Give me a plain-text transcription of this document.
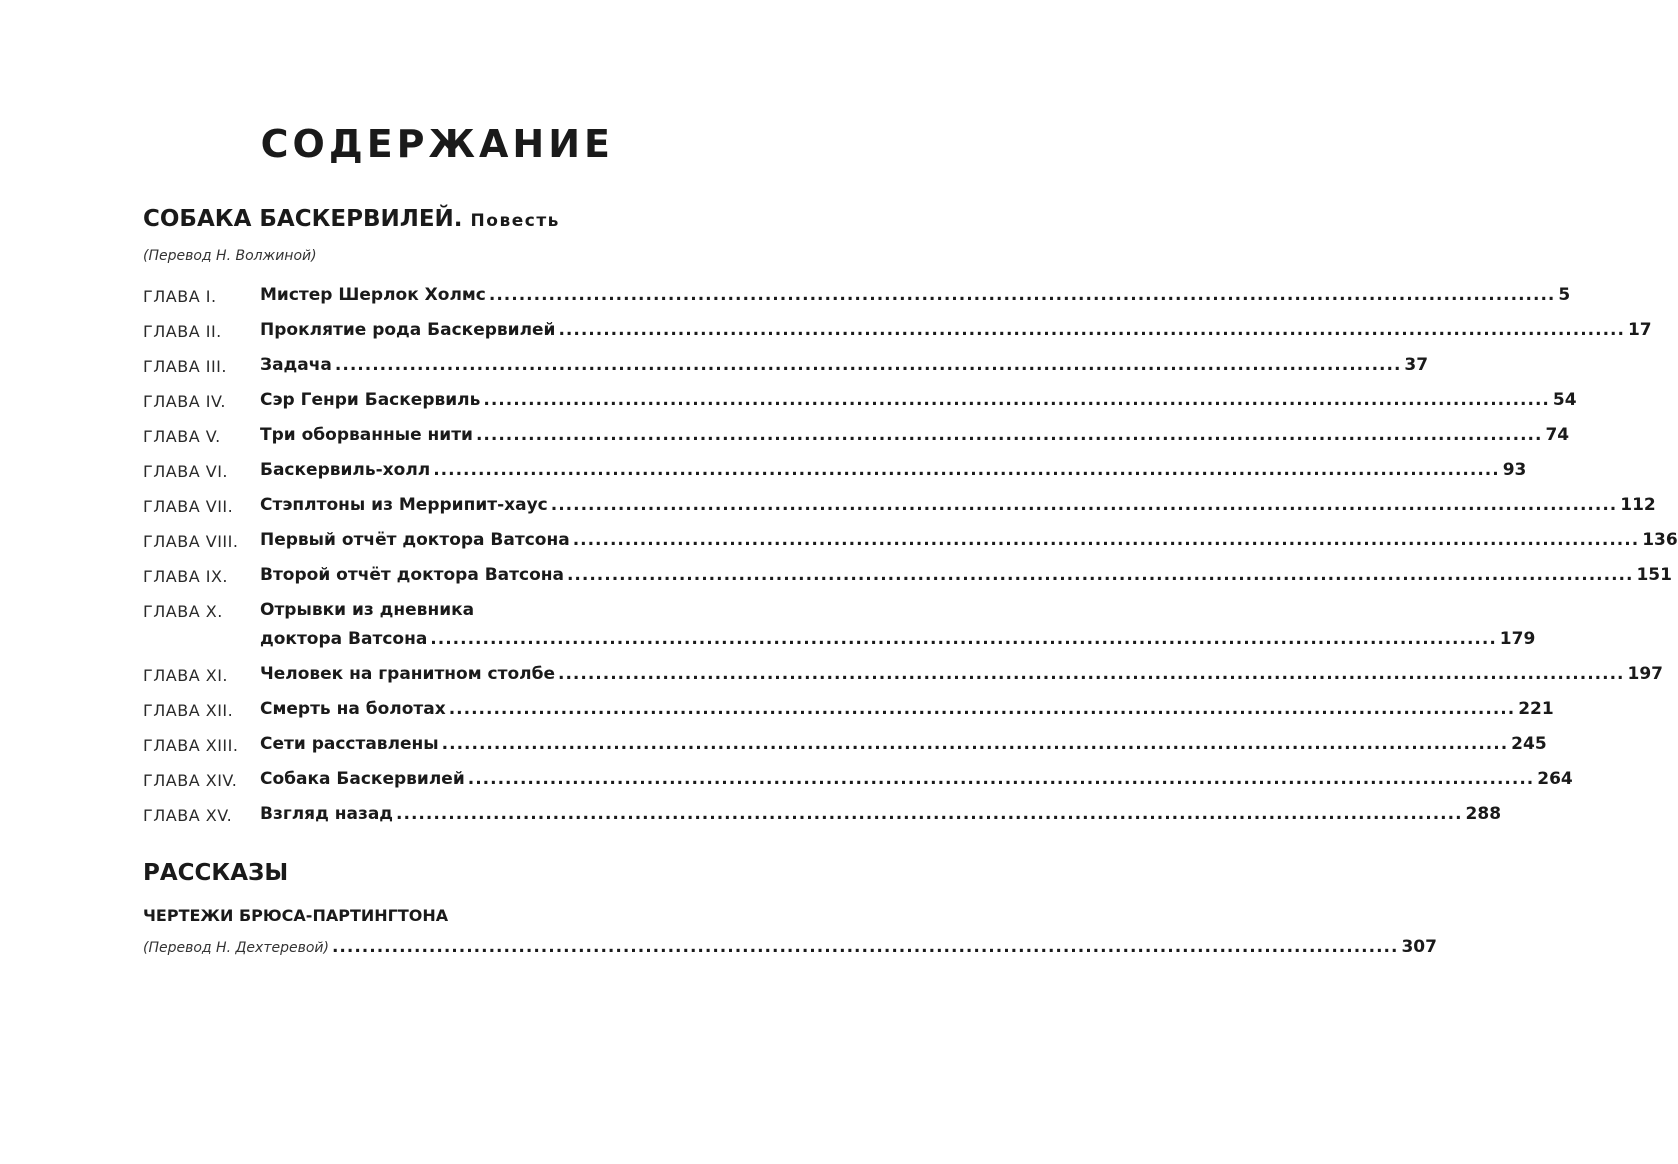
СОДЕРЖАНИЕ
СОБАКА БАСКЕРВИЛЕЙ. Повесть
(Перевод Н. Волжиной)
ГЛАВА I.	Мистер Шерлок Холмс .....	5
ГЛАВА II.	Проклятие рода Баскервилей .....	17
ГЛАВА III.	Задача .....	37
ГЛАВА IV.	Сэр Генри Баскервиль .....	54
ГЛАВА V.	Три оборванные нити .....	74
ГЛАВА VI.	Баскервиль-холл .....	93
ГЛАВА VII.	Стэплтоны из Меррипит-хаус .....	112
ГЛАВА VIII.	Первый отчёт доктора Ватсона .....	136
ГЛАВА IX.	Второй отчёт доктора Ватсона .....	151
ГЛАВА X.	Отрывки из дневника
доктора Ватсона .....	179
ГЛАВА XI.	Человек на гранитном столбе .....	197
ГЛАВА XII.	Смерть на болотах .....	221
ГЛАВА XIII.	Сети расставлены .....	245
ГЛАВА XIV.	Собака Баскервилей .....	264
ГЛАВА XV.	Взгляд назад .....	288
РАССКАЗЫ
ЧЕРТЕЖИ БРЮСА-ПАРТИНГТОНА
(Перевод Н. Дехтеревой) .....	307
